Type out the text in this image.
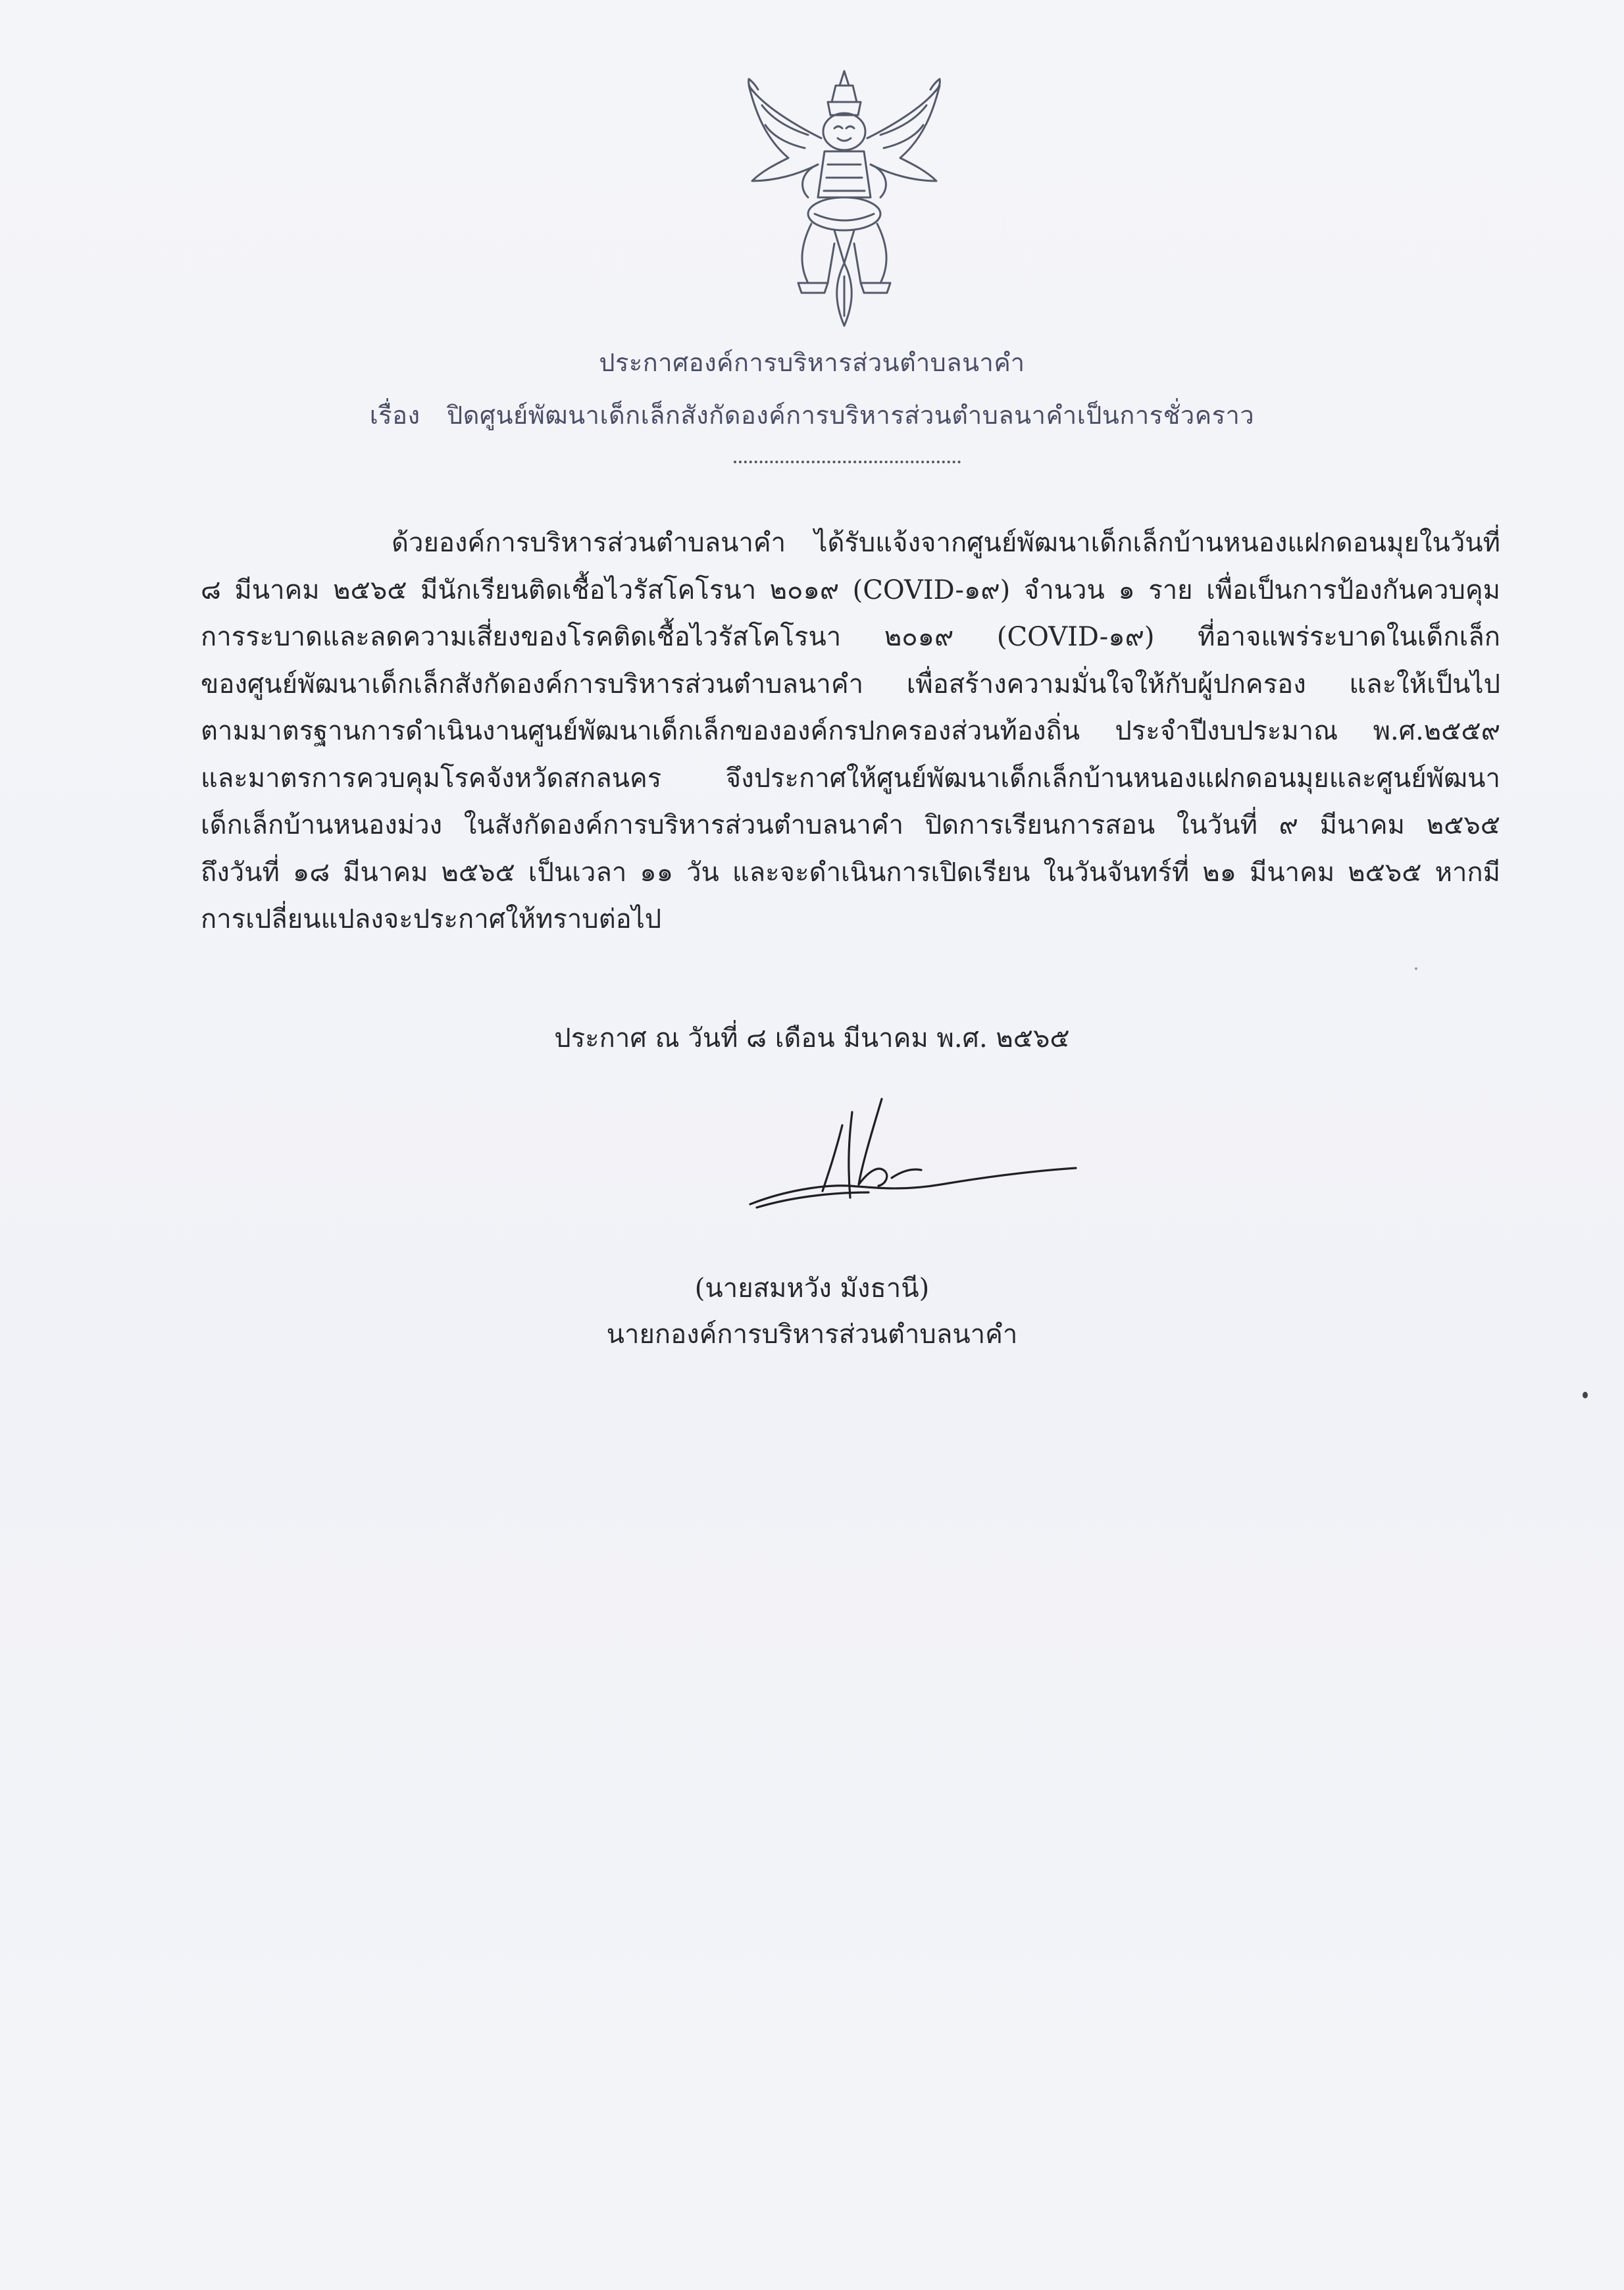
ประกาศองค์การบริหารส่วนตำบลนาคำ
เรื่อง ปิดศูนย์พัฒนาเด็กเล็กสังกัดองค์การบริหารส่วนตำบลนาคำเป็นการชั่วคราว
ด้วยองค์การบริหารส่วนตำบลนาคำ ได้รับแจ้งจากศูนย์พัฒนาเด็กเล็กบ้านหนองแฝกดอนมุยในวันที่
๘ มีนาคม ๒๕๖๕ มีนักเรียนติดเชื้อไวรัสโคโรนา ๒๐๑๙ (COVID-๑๙) จำนวน ๑ ราย เพื่อเป็นการป้องกันควบคุม
การระบาดและลดความเสี่ยงของโรคติดเชื้อไวรัสโคโรนา ๒๐๑๙ (COVID-๑๙) ที่อาจแพร่ระบาดในเด็กเล็ก
ของศูนย์พัฒนาเด็กเล็กสังกัดองค์การบริหารส่วนตำบลนาคำ เพื่อสร้างความมั่นใจให้กับผู้ปกครอง และให้เป็นไป
ตามมาตรฐานการดำเนินงานศูนย์พัฒนาเด็กเล็กขององค์กรปกครองส่วนท้องถิ่น ประจำปีงบประมาณ พ.ศ.๒๕๕๙
และมาตรการควบคุมโรคจังหวัดสกลนคร จึงประกาศให้ศูนย์พัฒนาเด็กเล็กบ้านหนองแฝกดอนมุยและศูนย์พัฒนา
เด็กเล็กบ้านหนองม่วง ในสังกัดองค์การบริหารส่วนตำบลนาคำ ปิดการเรียนการสอน ในวันที่ ๙ มีนาคม ๒๕๖๕
ถึงวันที่ ๑๘ มีนาคม ๒๕๖๕ เป็นเวลา ๑๑ วัน และจะดำเนินการเปิดเรียน ในวันจันทร์ที่ ๒๑ มีนาคม ๒๕๖๕ หากมี
การเปลี่ยนแปลงจะประกาศให้ทราบต่อไป
ประกาศ ณ วันที่ ๘ เดือน มีนาคม พ.ศ. ๒๕๖๕
(นายสมหวัง มังธานี)
นายกองค์การบริหารส่วนตำบลนาคำ
